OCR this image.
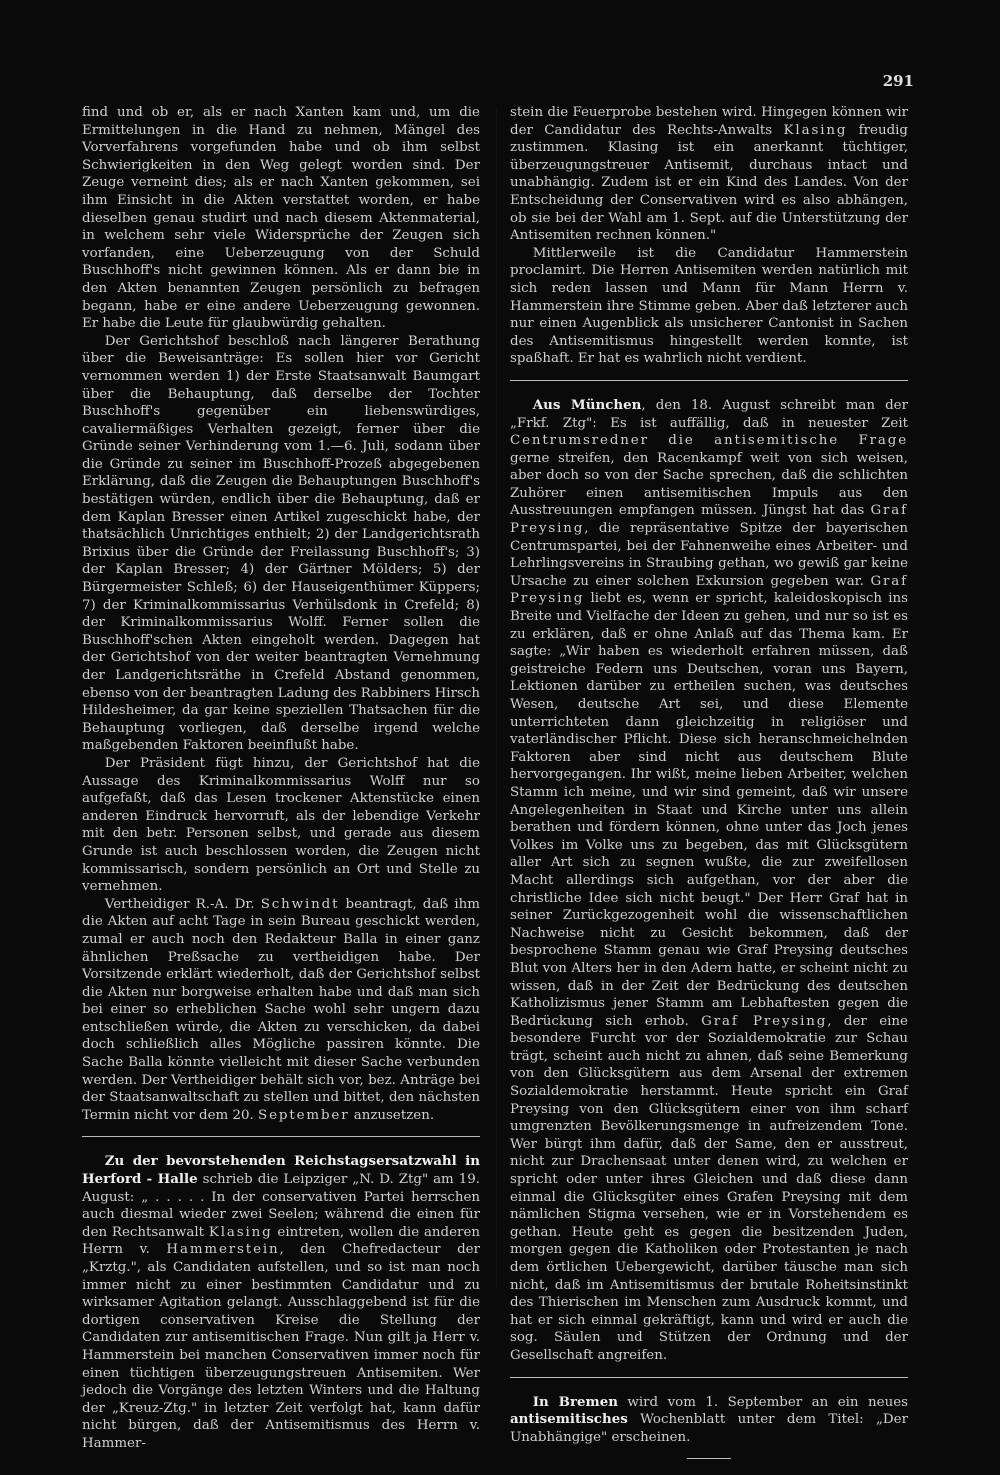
291

find und ob er, als er nach Xanten kam und, um die Ermittelungen in die Hand zu nehmen, Mängel des Vorverfahrens vorgefunden habe und ob ihm selbst Schwierigkeiten in den Weg gelegt worden sind. Der Zeuge verneint dies; als er nach Xanten gekommen, sei ihm Einsicht in die Akten verstattet worden, er habe dieselben genau studirt und nach diesem Aktenmaterial, in welchem sehr viele Widersprüche der Zeugen sich vorfanden, eine Ueberzeugung von der Schuld Buschhoff's nicht gewinnen können. Als er dann bie in den Akten benannten Zeugen persönlich zu befragen begann, habe er eine andere Ueberzeugung gewonnen. Er habe die Leute für glaubwürdig gehalten.

Der Gerichtshof beschloß nach längerer Berathung über die Beweisanträge: Es sollen hier vor Gericht vernommen werden 1) der Erste Staatsanwalt Baumgart über die Behauptung, daß derselbe der Tochter Buschhoff's gegenüber ein liebenswürdiges, cavaliermäßiges Verhalten gezeigt, ferner über die Gründe seiner Verhinderung vom 1.—6. Juli, sodann über die Gründe zu seiner im Buschhoff-Prozeß abgegebenen Erklärung, daß die Zeugen die Behauptungen Buschhoff's bestätigen würden, endlich über die Behauptung, daß er dem Kaplan Bresser einen Artikel zugeschickt habe, der thatsächlich Unrichtiges enthielt; 2) der Landgerichtsrath Brixius über die Gründe der Freilassung Buschhoff's; 3) der Kaplan Bresser; 4) der Gärtner Mölders; 5) der Bürgermeister Schleß; 6) der Hauseigenthümer Küppers; 7) der Kriminalkommissarius Verhülsdonk in Crefeld; 8) der Kriminalkommissarius Wolff. Ferner sollen die Buschhoff'schen Akten eingeholt werden. Dagegen hat der Gerichtshof von der weiter beantragten Vernehmung der Landgerichtsräthe in Crefeld Abstand genommen, ebenso von der beantragten Ladung des Rabbiners Hirsch Hildesheimer, da gar keine speziellen Thatsachen für die Behauptung vorliegen, daß derselbe irgend welche maßgebenden Faktoren beeinflußt habe.

Der Präsident fügt hinzu, der Gerichtshof hat die Aussage des Kriminalkommissarius Wolff nur so aufgefaßt, daß das Lesen trockener Aktenstücke einen anderen Eindruck hervorruft, als der lebendige Verkehr mit den betr. Personen selbst, und gerade aus diesem Grunde ist auch beschlossen worden, die Zeugen nicht kommissarisch, sondern persönlich an Ort und Stelle zu vernehmen.

Vertheidiger R.-A. Dr. Schwindt beantragt, daß ihm die Akten auf acht Tage in sein Bureau geschickt werden, zumal er auch noch den Redakteur Balla in einer ganz ähnlichen Preßsache zu vertheidigen habe. Der Vorsitzende erklärt wiederholt, daß der Gerichtshof selbst die Akten nur borgweise erhalten habe und daß man sich bei einer so erheblichen Sache wohl sehr ungern dazu entschließen würde, die Akten zu verschicken, da dabei doch schließlich alles Mögliche passiren könnte. Die Sache Balla könnte vielleicht mit dieser Sache verbunden werden. Der Vertheidiger behält sich vor, bez. Anträge bei der Staatsanwaltschaft zu stellen und bittet, den nächsten Termin nicht vor dem 20. September anzusetzen.

Zu der bevorstehenden Reichstagsersatzwahl in Herford - Halle schrieb die Leipziger „N. D. Ztg" am 19. August: „ . . . . . In der conservativen Partei herrschen auch diesmal wieder zwei Seelen; während die einen für den Rechtsanwalt Klasing eintreten, wollen die anderen Herrn v. Hammerstein, den Chefredacteur der „Krztg.", als Candidaten aufstellen, und so ist man noch immer nicht zu einer bestimmten Candidatur und zu wirksamer Agitation gelangt. Ausschlaggebend ist für die dortigen conservativen Kreise die Stellung der Candidaten zur antisemitischen Frage. Nun gilt ja Herr v. Hammerstein bei manchen Conservativen immer noch für einen tüchtigen überzeugungstreuen Antisemiten. Wer jedoch die Vorgänge des letzten Winters und die Haltung der „Kreuz-Ztg." in letzter Zeit verfolgt hat, kann dafür nicht bürgen, daß der Antisemitismus des Herrn v. Hammer-

stein die Feuerprobe bestehen wird. Hingegen können wir der Candidatur des Rechts-Anwalts Klasing freudig zustimmen. Klasing ist ein anerkannt tüchtiger, überzeugungstreuer Antisemit, durchaus intact und unabhängig. Zudem ist er ein Kind des Landes. Von der Entscheidung der Conservativen wird es also abhängen, ob sie bei der Wahl am 1. Sept. auf die Unterstützung der Antisemiten rechnen können."

Mittlerweile ist die Candidatur Hammerstein proclamirt. Die Herren Antisemiten werden natürlich mit sich reden lassen und Mann für Mann Herrn v. Hammerstein ihre Stimme geben. Aber daß letzterer auch nur einen Augenblick als unsicherer Cantonist in Sachen des Antisemitismus hingestellt werden konnte, ist spaßhaft. Er hat es wahrlich nicht verdient.

Aus München, den 18. August schreibt man der „Frkf. Ztg": Es ist auffällig, daß in neuester Zeit Centrumsredner die antisemitische Frage gerne streifen, den Racenkampf weit von sich weisen, aber doch so von der Sache sprechen, daß die schlichten Zuhörer einen antisemitischen Impuls aus den Ausstreuungen empfangen müssen. Jüngst hat das Graf Preysing, die repräsentative Spitze der bayerischen Centrumspartei, bei der Fahnenweihe eines Arbeiter- und Lehrlingsvereins in Straubing gethan, wo gewiß gar keine Ursache zu einer solchen Exkursion gegeben war. Graf Preysing liebt es, wenn er spricht, kaleidoskopisch ins Breite und Vielfache der Ideen zu gehen, und nur so ist es zu erklären, daß er ohne Anlaß auf das Thema kam. Er sagte: „Wir haben es wiederholt erfahren müssen, daß geistreiche Federn uns Deutschen, voran uns Bayern, Lektionen darüber zu ertheilen suchen, was deutsches Wesen, deutsche Art sei, und diese Elemente unterrichteten dann gleichzeitig in religiöser und vaterländischer Pflicht. Diese sich heranschmeichelnden Faktoren aber sind nicht aus deutschem Blute hervorgegangen. Ihr wißt, meine lieben Arbeiter, welchen Stamm ich meine, und wir sind gemeint, daß wir unsere Angelegenheiten in Staat und Kirche unter uns allein berathen und fördern können, ohne unter das Joch jenes Volkes im Volke uns zu begeben, das mit Glücksgütern aller Art sich zu segnen wußte, die zur zweifellosen Macht allerdings sich aufgethan, vor der aber die christliche Idee sich nicht beugt." Der Herr Graf hat in seiner Zurückgezogenheit wohl die wissenschaftlichen Nachweise nicht zu Gesicht bekommen, daß der besprochene Stamm genau wie Graf Preysing deutsches Blut von Alters her in den Adern hatte, er scheint nicht zu wissen, daß in der Zeit der Bedrückung des deutschen Katholizismus jener Stamm am Lebhaftesten gegen die Bedrückung sich erhob. Graf Preysing, der eine besondere Furcht vor der Sozialdemokratie zur Schau trägt, scheint auch nicht zu ahnen, daß seine Bemerkung von den Glücksgütern aus dem Arsenal der extremen Sozialdemokratie herstammt. Heute spricht ein Graf Preysing von den Glücksgütern einer von ihm scharf umgrenzten Bevölkerungsmenge in aufreizendem Tone. Wer bürgt ihm dafür, daß der Same, den er ausstreut, nicht zur Drachensaat unter denen wird, zu welchen er spricht oder unter ihres Gleichen und daß diese dann einmal die Glücksgüter eines Grafen Preysing mit dem nämlichen Stigma versehen, wie er in Vorstehendem es gethan. Heute geht es gegen die besitzenden Juden, morgen gegen die Katholiken oder Protestanten je nach dem örtlichen Uebergewicht, darüber täusche man sich nicht, daß im Antisemitismus der brutale Roheitsinstinkt des Thierischen im Menschen zum Ausdruck kommt, und hat er sich einmal gekräftigt, kann und wird er auch die sog. Säulen und Stützen der Ordnung und der Gesellschaft angreifen.

In Bremen wird vom 1. September an ein neues antisemitisches Wochenblatt unter dem Titel: „Der Unabhängige" erscheinen.
